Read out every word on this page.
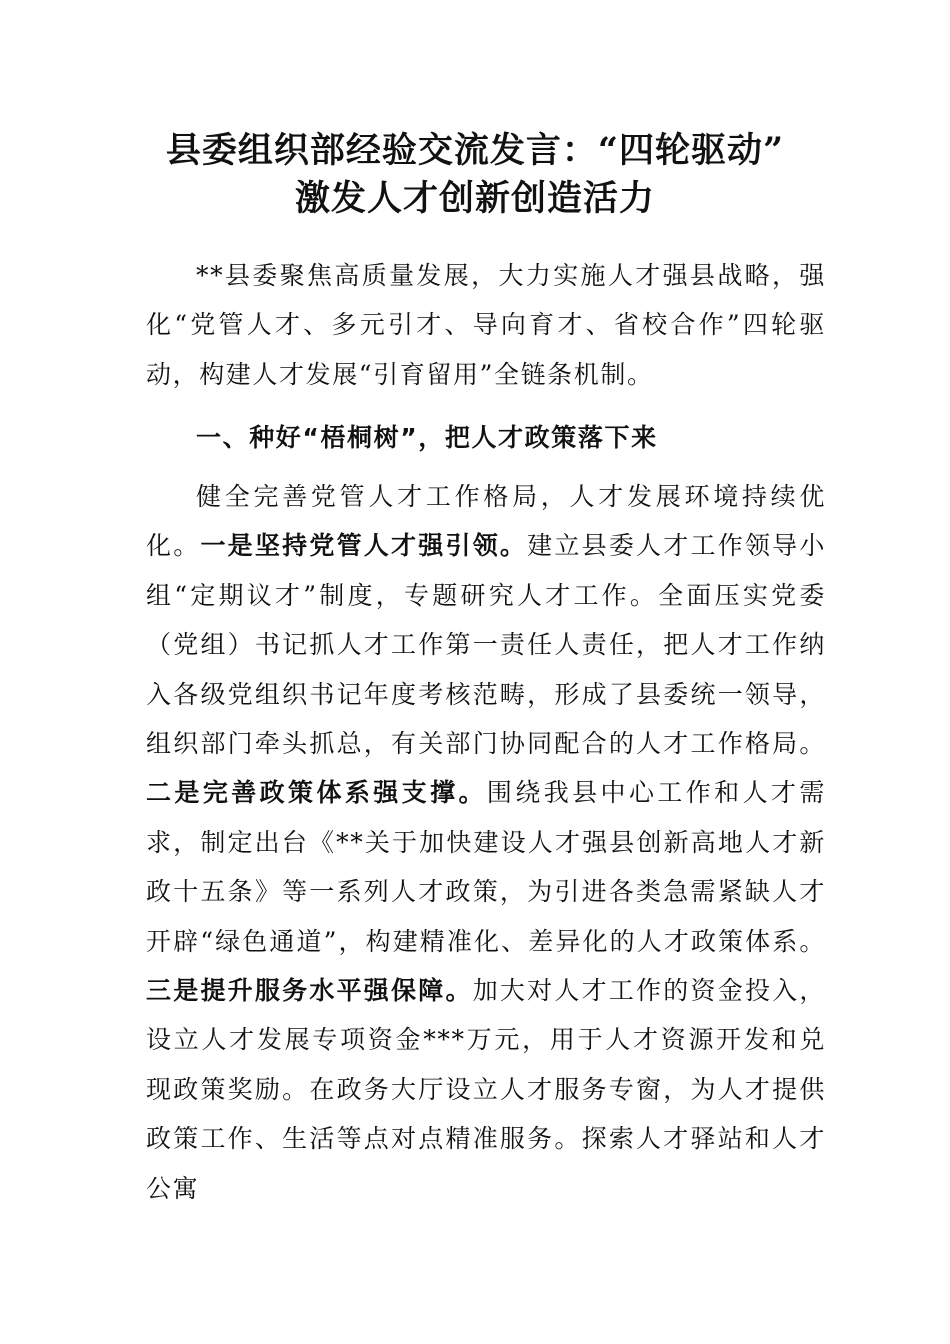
县委组织部经验交流发言：“四轮驱动”
激发人才创新创造活力

**县委聚焦高质量发展，大力实施人才强县战略，强化“党管人才、多元引才、导向育才、省校合作”四轮驱动，构建人才发展“引育留用”全链条机制。

一、种好“梧桐树”，把人才政策落下来

健全完善党管人才工作格局，人才发展环境持续优化。一是坚持党管人才强引领。建立县委人才工作领导小组“定期议才”制度，专题研究人才工作。全面压实党委（党组）书记抓人才工作第一责任人责任，把人才工作纳入各级党组织书记年度考核范畴，形成了县委统一领导，组织部门牵头抓总，有关部门协同配合的人才工作格局。二是完善政策体系强支撑。围绕我县中心工作和人才需求，制定出台《**关于加快建设人才强县创新高地人才新政十五条》等一系列人才政策，为引进各类急需紧缺人才开辟“绿色通道”，构建精准化、差异化的人才政策体系。三是提升服务水平强保障。加大对人才工作的资金投入，设立人才发展专项资金***万元，用于人才资源开发和兑现政策奖励。在政务大厅设立人才服务专窗，为人才提供政策工作、生活等点对点精准服务。探索人才驿站和人才公寓
